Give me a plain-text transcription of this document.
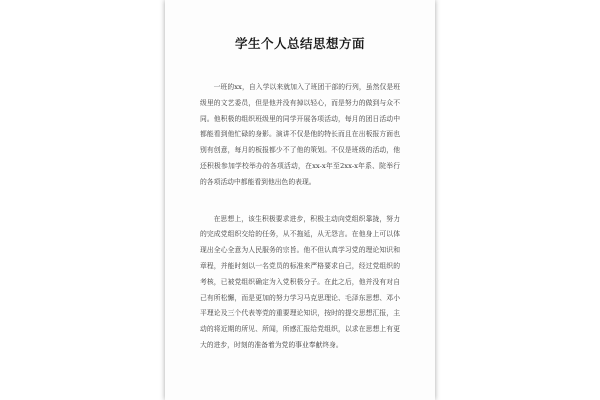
学生个人总结思想方面

一班的xx，自入学以来就加入了班团干部的行列，虽然仅是班级里的文艺委员，但是他并没有掉以轻心，而是努力的做到与众不同。他积极的组织班级里的同学开展各项活动，每月的团日活动中都能看到他忙碌的身影。演讲不仅是他的特长而且在出板报方面也别有创意，每月的板报都少不了他的策划。不仅是班级的活动，他还积极参加学校举办的各项活动，在xx-x年至2xx-x年系、院举行的各项活动中都能看到他出色的表现。

在思想上，该生积极要求进步，积极主动向党组织靠拢，努力的完成党组织交给的任务，从不拖延，从无怨言。在他身上可以体现出全心全意为人民服务的宗旨。他不但认真学习党的理论知识和章程，并能时刻以一名党员的标准来严格要求自己，经过党组织的考核，已被党组织确定为入党积极分子。在此之后，他并没有对自己有所松懈，而是更加的努力学习马克思理论、毛泽东思想、邓小平理论及三个代表等党的重要理论知识，按时的提交思想汇报，主动的将近期的所见、所闻，所感汇报给党组织，以求在思想上有更大的进步，时刻的准备着为党的事业奉献终身。
